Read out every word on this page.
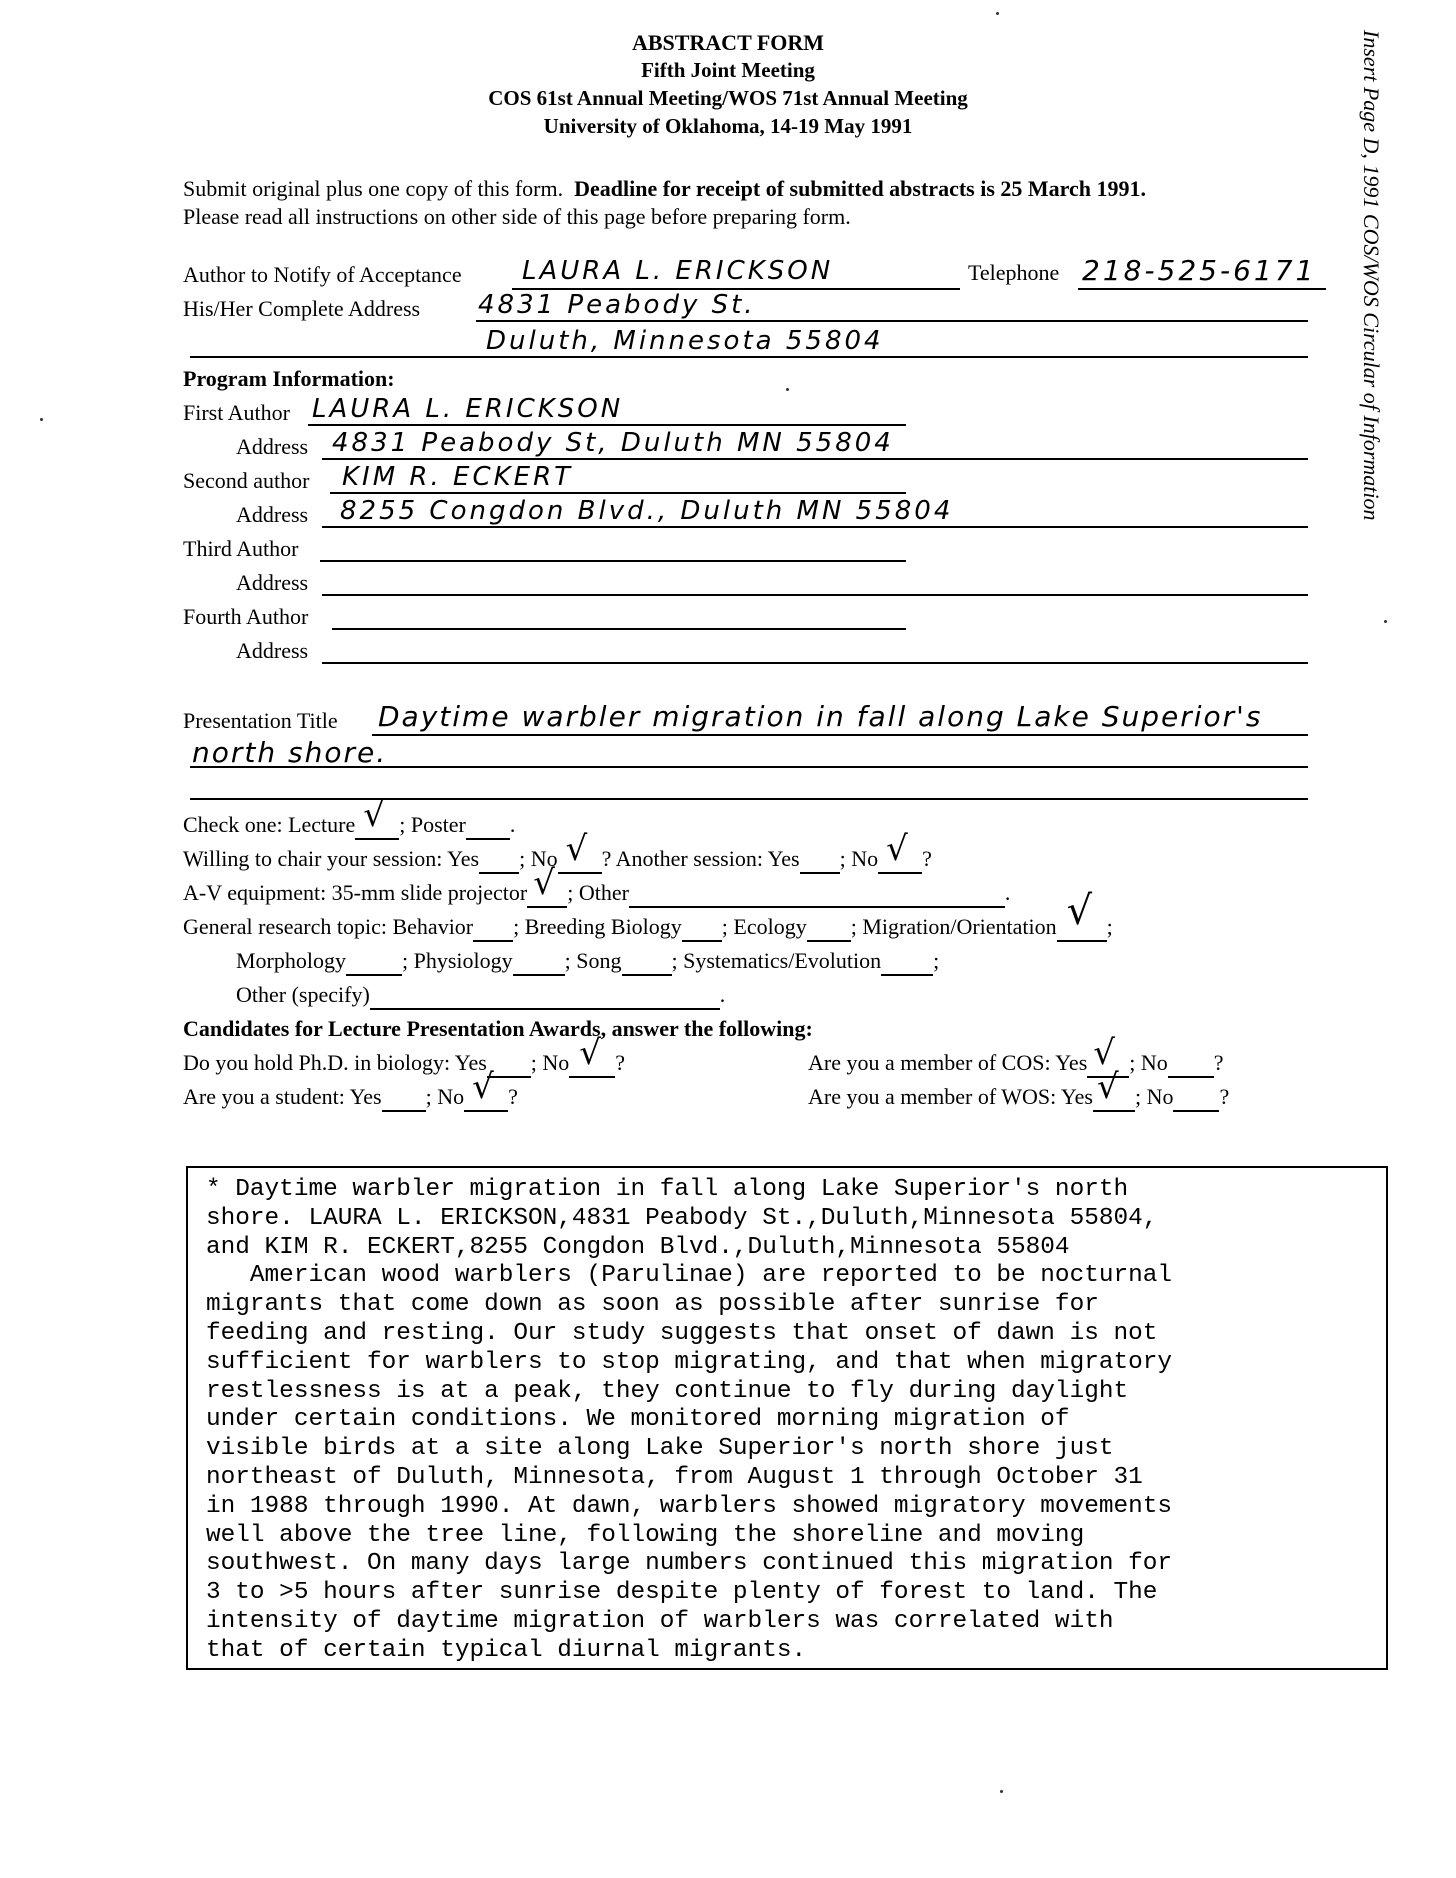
ABSTRACT FORM
Fifth Joint Meeting
COS 61st Annual Meeting/WOS 71st Annual Meeting
University of Oklahoma, 14-19 May 1991	Insert Page D, 1991 COS/WOS Circular of Information
Submit original plus one copy of this form. Deadline for receipt of submitted abstracts is 25 March 1991.
Please read all instructions on other side of this page before preparing form.
Author to Notify of Acceptance LAURA L. ERICKSON	Telephone 218-525-6171
His/Her Complete Address 4831 Peabody St.
Duluth, Minnesota 55804
Program Information:
First Author LAURA L. ERICKSON
Address 4831 Peabody St, Duluth MN 55804
Second author KIM R. ECKERT
Address 8255 Congdon Blvd., Duluth MN 55804
Third Author
Address
Fourth Author
Address
Presentation Title Daytime warbler migration in fall along Lake Superior's
north shore.
Check one: Lecture √ ; Poster .
Willing to chair your session: Yes ; No √ ? Another session: Yes ; No √ ?
A-V equipment: 35-mm slide projector √ ; Other	.
General research topic: Behavior ; Breeding Biology ; Ecology ; Migration/Orientation √ ;
Morphology	; Physiology ; Song ; Systematics/Evolution ;
Other (specify)	.
Candidates for Lecture Presentation Awards, answer the following:
Do you hold Ph.D. in biology: Yes ; No √ ?	Are you a member of COS: Yes √ ; No ?
Are you a student: Yes ; No √ ?	Are you a member of WOS: Yes √ ; No ?
* Daytime warbler migration in fall along Lake Superior's north
shore. LAURA L. ERICKSON,4831 Peabody St.,Duluth,Minnesota 55804,
and KIM R. ECKERT,8255 Congdon Blvd.,Duluth,Minnesota 55804
American wood warblers (Parulinae) are reported to be nocturnal
migrants that come down as soon as possible after sunrise for
feeding and resting. Our study suggests that onset of dawn is not
sufficient for warblers to stop migrating, and that when migratory
restlessness is at a peak, they continue to fly during daylight
under certain conditions. We monitored morning migration of
visible birds at a site along Lake Superior's north shore just
northeast of Duluth, Minnesota, from August 1 through October 31
in 1988 through 1990. At dawn, warblers showed migratory movements
well above the tree line, following the shoreline and moving
southwest. On many days large numbers continued this migration for
3 to >5 hours after sunrise despite plenty of forest to land. The
intensity of daytime migration of warblers was correlated with
that of certain typical diurnal migrants.
